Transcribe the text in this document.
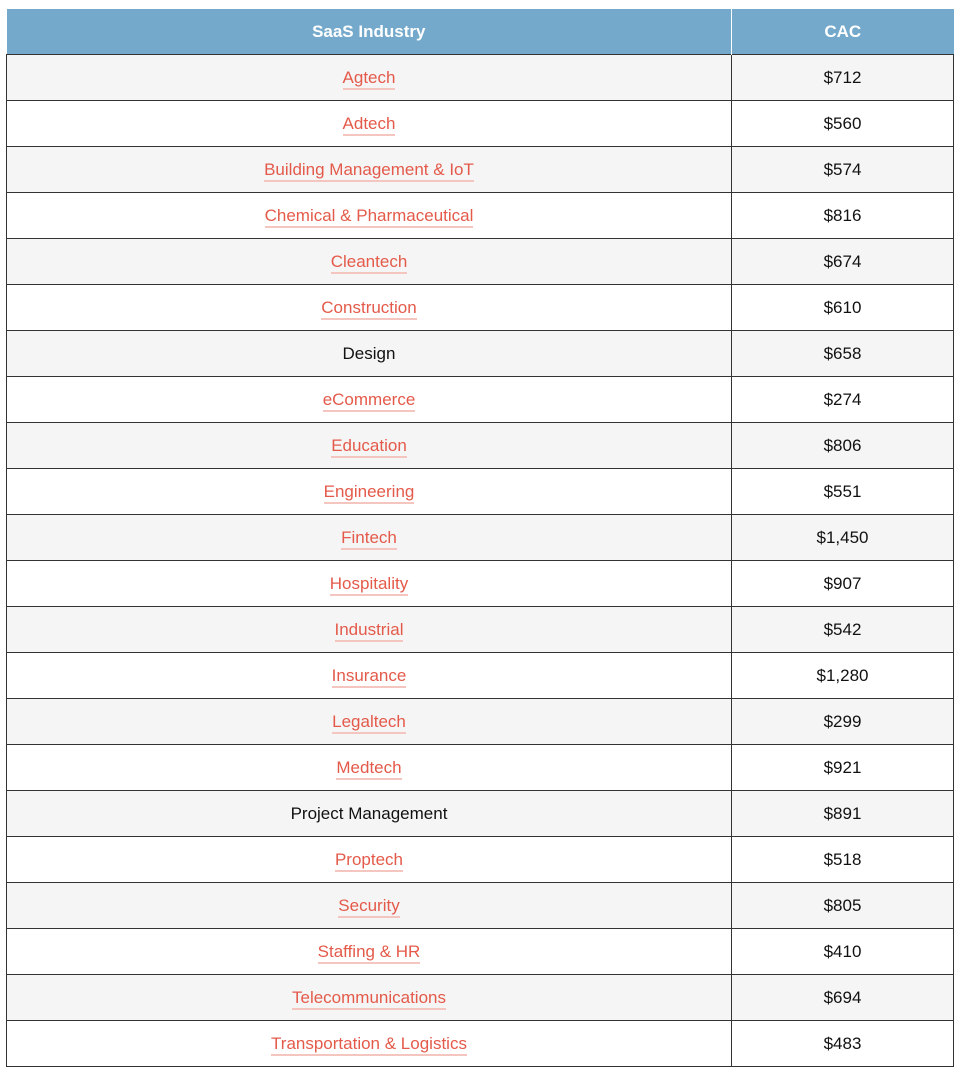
SaaS Industry	CAC
Agtech	$712
Adtech	$560
Building Management & IoT	$574
Chemical & Pharmaceutical	$816
Cleantech	$674
Construction	$610
Design	$658
eCommerce	$274
Education	$806
Engineering	$551
Fintech	$1,450
Hospitality	$907
Industrial	$542
Insurance	$1,280
Legaltech	$299
Medtech	$921
Project Management	$891
Proptech	$518
Security	$805
Staffing & HR	$410
Telecommunications	$694
Transportation & Logistics	$483
